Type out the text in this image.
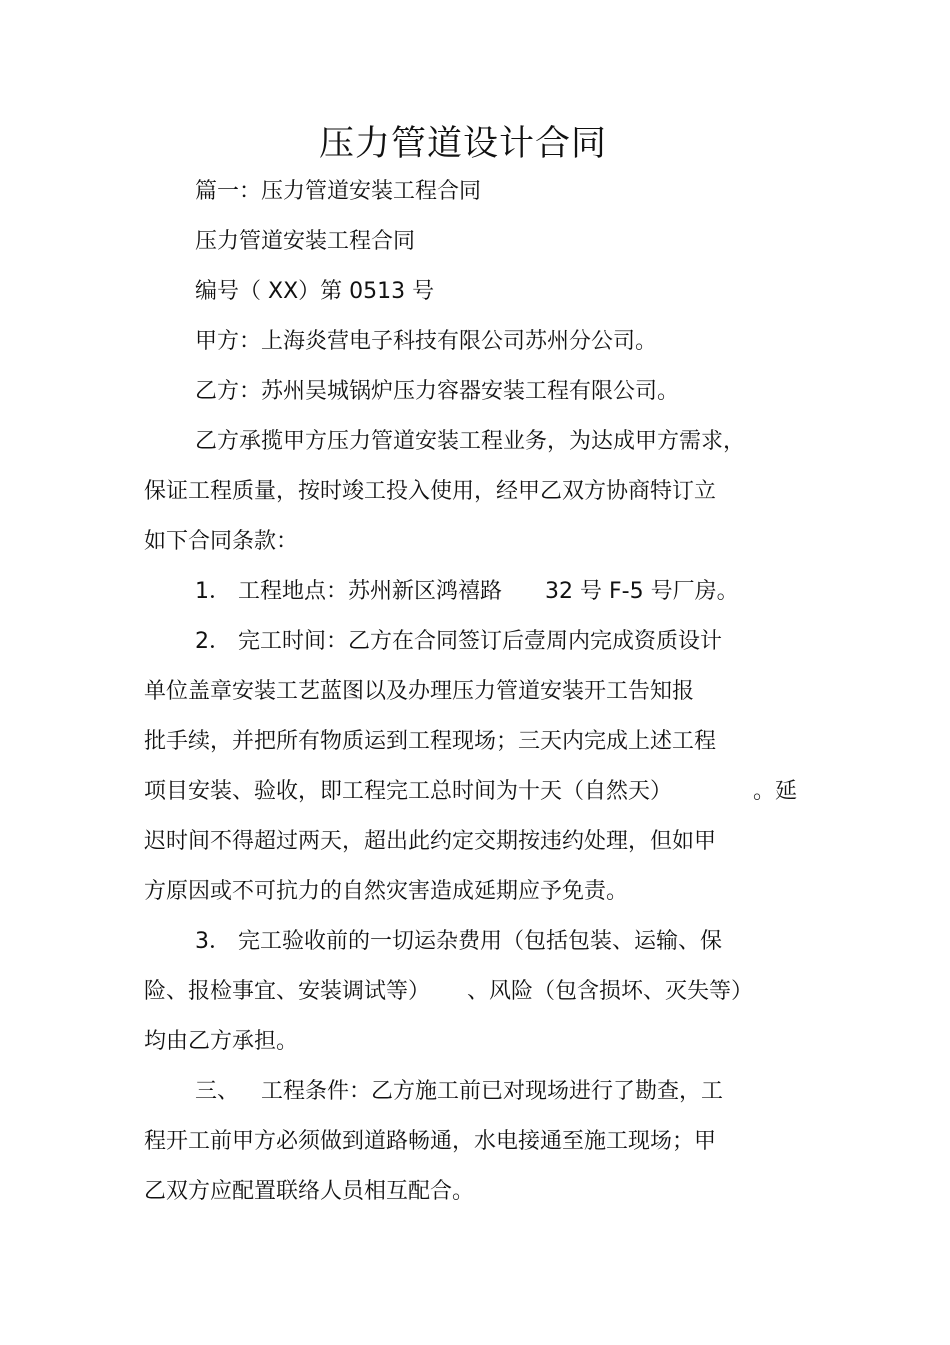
压力管道设计合同

篇一：压力管道安装工程合同

压力管道安装工程合同

编号（ XX）第 0513 号

甲方：上海炎营电子科技有限公司苏州分公司。

乙方：苏州吴城锅炉压力容器安装工程有限公司。

乙方承揽甲方压力管道安装工程业务，为达成甲方需求，

保证工程质量，按时竣工投入使用，经甲乙双方协商特订立

如下合同条款：

1． 工程地点：苏州新区鸿禧路 32 号 F-5 号厂房。

2． 完工时间：乙方在合同签订后壹周内完成资质设计

单位盖章安装工艺蓝图以及办理压力管道安装开工告知报

批手续，并把所有物质运到工程现场；三天内完成上述工程

项目安装、验收，即工程完工总时间为十天（自然天）	。延

迟时间不得超过两天，超出此约定交期按违约处理，但如甲

方原因或不可抗力的自然灾害造成延期应予免责。

3． 完工验收前的一切运杂费用（包括包装、运输、保

险、报检事宜、安装调试等） 、风险（包含损坏、灭失等）

均由乙方承担。

三、 工程条件：乙方施工前已对现场进行了勘查，工

程开工前甲方必须做到道路畅通，水电接通至施工现场；甲

乙双方应配置联络人员相互配合。
